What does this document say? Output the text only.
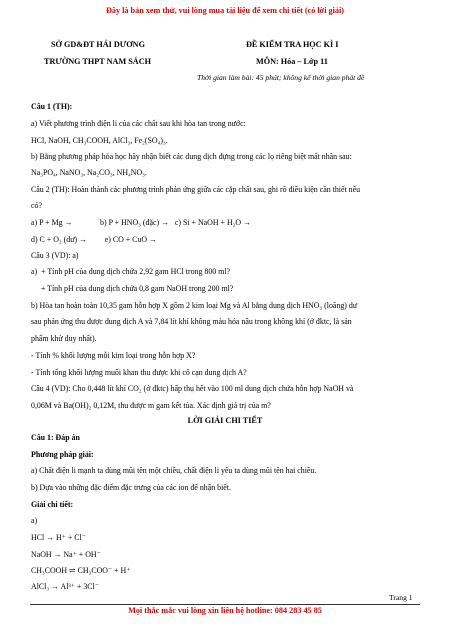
Đây là bản xem thử, vui lòng mua tài liệu để xem chi tiết (có lời giải)
SỞ GD&ĐT HẢI DƯƠNG
TRƯỜNG THPT NAM SÁCH
ĐỀ KIỂM TRA HỌC KÌ I
MÔN: Hóa – Lớp 11
Thời gian làm bài: 45 phút; không kể thời gian phát đề
Câu 1 (TH):
a) Viết phương trình điện li của các chất sau khi hòa tan trong nước:
HCl, NaOH, CH₃COOH, AlCl₃, Fe₂(SO₄)₃.
b) Bằng phương pháp hóa học hãy nhận biết các dung dịch đựng trong các lọ riêng biệt mất nhãn sau:
Na₃PO₄, NaNO₃, Na₂CO₃, NH₄NO₃.
Câu 2 (TH): Hoàn thành các phương trình phản ứng giữa các cặp chất sau, ghi rõ điều kiện cần thiết nếu
có?
a) P + Mg →              b) P + HNO₃ (đặc) →   c) Si + NaOH + H₂O →
d) C + O₂ (dư) →         e) CO + CuO →
Câu 3 (VD): a)
a)  + Tính pH của dung dịch chứa 2,92 gam HCl trong 800 ml?
+ Tính pH của dung dịch chứa 0,8 gam NaOH trong 200 ml?
b) Hòa tan hoàn toàn 10,35 gam hỗn hợp X gồm 2 kim loại Mg và Al bằng dung dịch HNO₃ (loãng) dư
sau phản ứng thu được dung dịch A và 7,84 lít khí không màu hóa nâu trong không khí (ở đktc, là sản
phẩm khử duy nhất).
- Tính % khối lượng mỗi kim loại trong hỗn hợp X?
- Tính tổng khối lượng muối khan thu được khi cô cạn dung dịch A?
Câu 4 (VD): Cho 0,448 lít khí CO₂ (ở đktc) hấp thụ hết vào 100 ml dung dịch chứa hỗn hợp NaOH và
0,06M và Ba(OH)₂ 0,12M, thu được m gam kết tủa. Xác định giá trị của m?
LỜI GIẢI CHI TIẾT
Câu 1: Đáp án
Phương pháp giải:
a) Chất điện li mạnh ta dùng mũi tên một chiều, chất điện li yếu ta dùng mũi tên hai chiều.
b) Dựa vào những đặc điểm đặc trưng của các ion để nhận biết.
Giải chi tiết:
a)
HCl → H⁺ + Cl⁻
NaOH → Na⁺ + OH⁻
CH₃COOH ⇌ CH₃COO⁻ + H⁺
AlCl₃ → Al³⁺ + 3Cl⁻
Trang 1
Mọi thắc mắc vui lòng xin liên hệ hotline: 084 283 45 85
